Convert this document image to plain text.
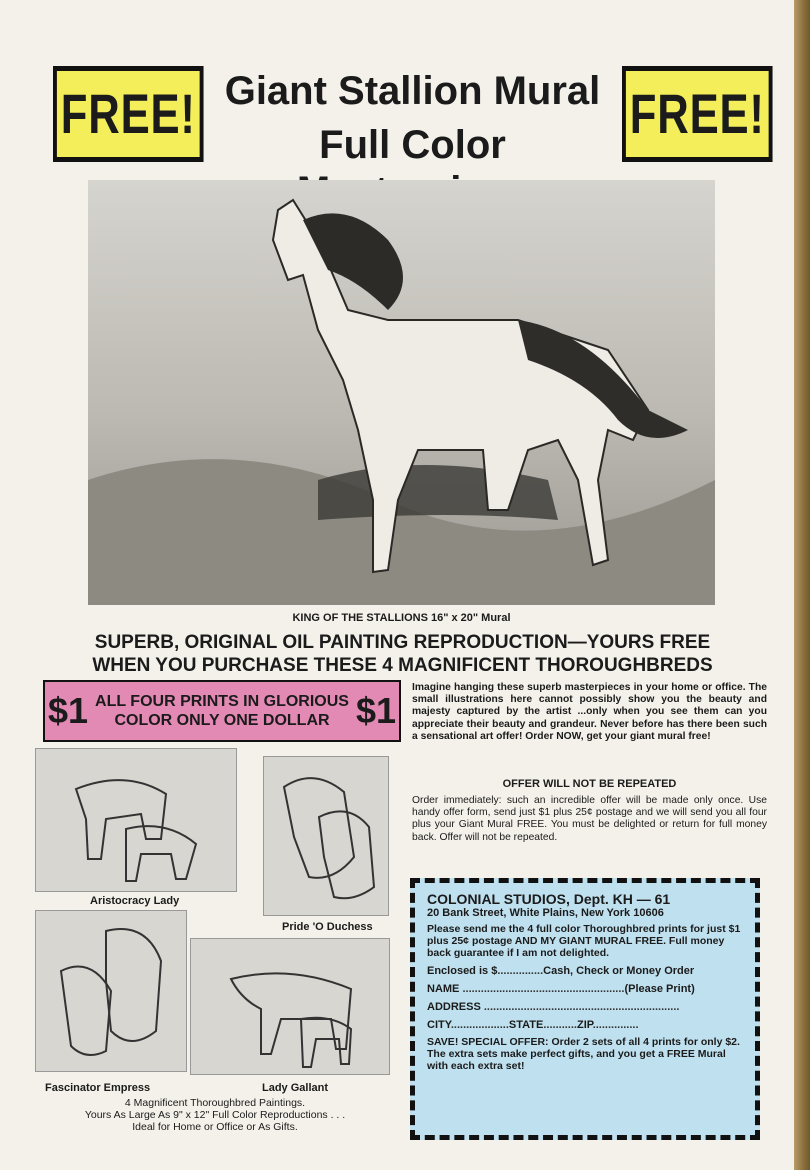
FREE!	FREE!
Giant Stallion Mural
Full Color
KING OF THE STALLIONS 16" x 20" Mural
SUPERB, ORIGINAL OIL PAINTING REPRODUCTION—YOURS FREE
WHEN YOU PURCHASE THESE 4 MAGNIFICENT THOROUGHBREDS
$1 ALL FOUR PRINTS IN GLORIOUS
COLOR ONLY ONE DOLLAR $1
Imagine hanging these superb masterpieces in your home or office. The small illustrations here cannot possibly show you the beauty and majesty captured by the artist ...only when you see them can you appreciate their beauty and grandeur. Never before has there been such a sensational art offer! Order NOW, get your giant mural free!
OFFER WILL NOT BE REPEATED
Order immediately: such an incredible offer will be made only once. Use handy offer form, send just $1 plus 25¢ postage and we will send you all four plus your Giant Mural FREE. You must be delighted or return for full money back. Offer will not be repeated.
Aristocracy Lady
Pride 'O Duchess
Fascinator Empress	Lady Gallant
4 Magnificent Thoroughbred Paintings.
Yours As Large As 9" x 12" Full Color Reproductions . . .
Ideal for Home or Office or As Gifts.
COLONIAL STUDIOS, Dept. KH — 61
20 Bank Street, White Plains, New York 10606
Please send me the 4 full color Thoroughbred prints for just $1 plus 25¢ postage AND MY GIANT MURAL FREE. Full money back guarantee if I am not delighted.
Enclosed is $...............Cash, Check or Money Order
NAME .....................................................(Please Print)
ADDRESS ................................................................
CITY...................STATE...........ZIP...............
SAVE! SPECIAL OFFER: Order 2 sets of all 4 prints for only $2. The extra sets make perfect gifts, and you get a FREE Mural with each extra set!
